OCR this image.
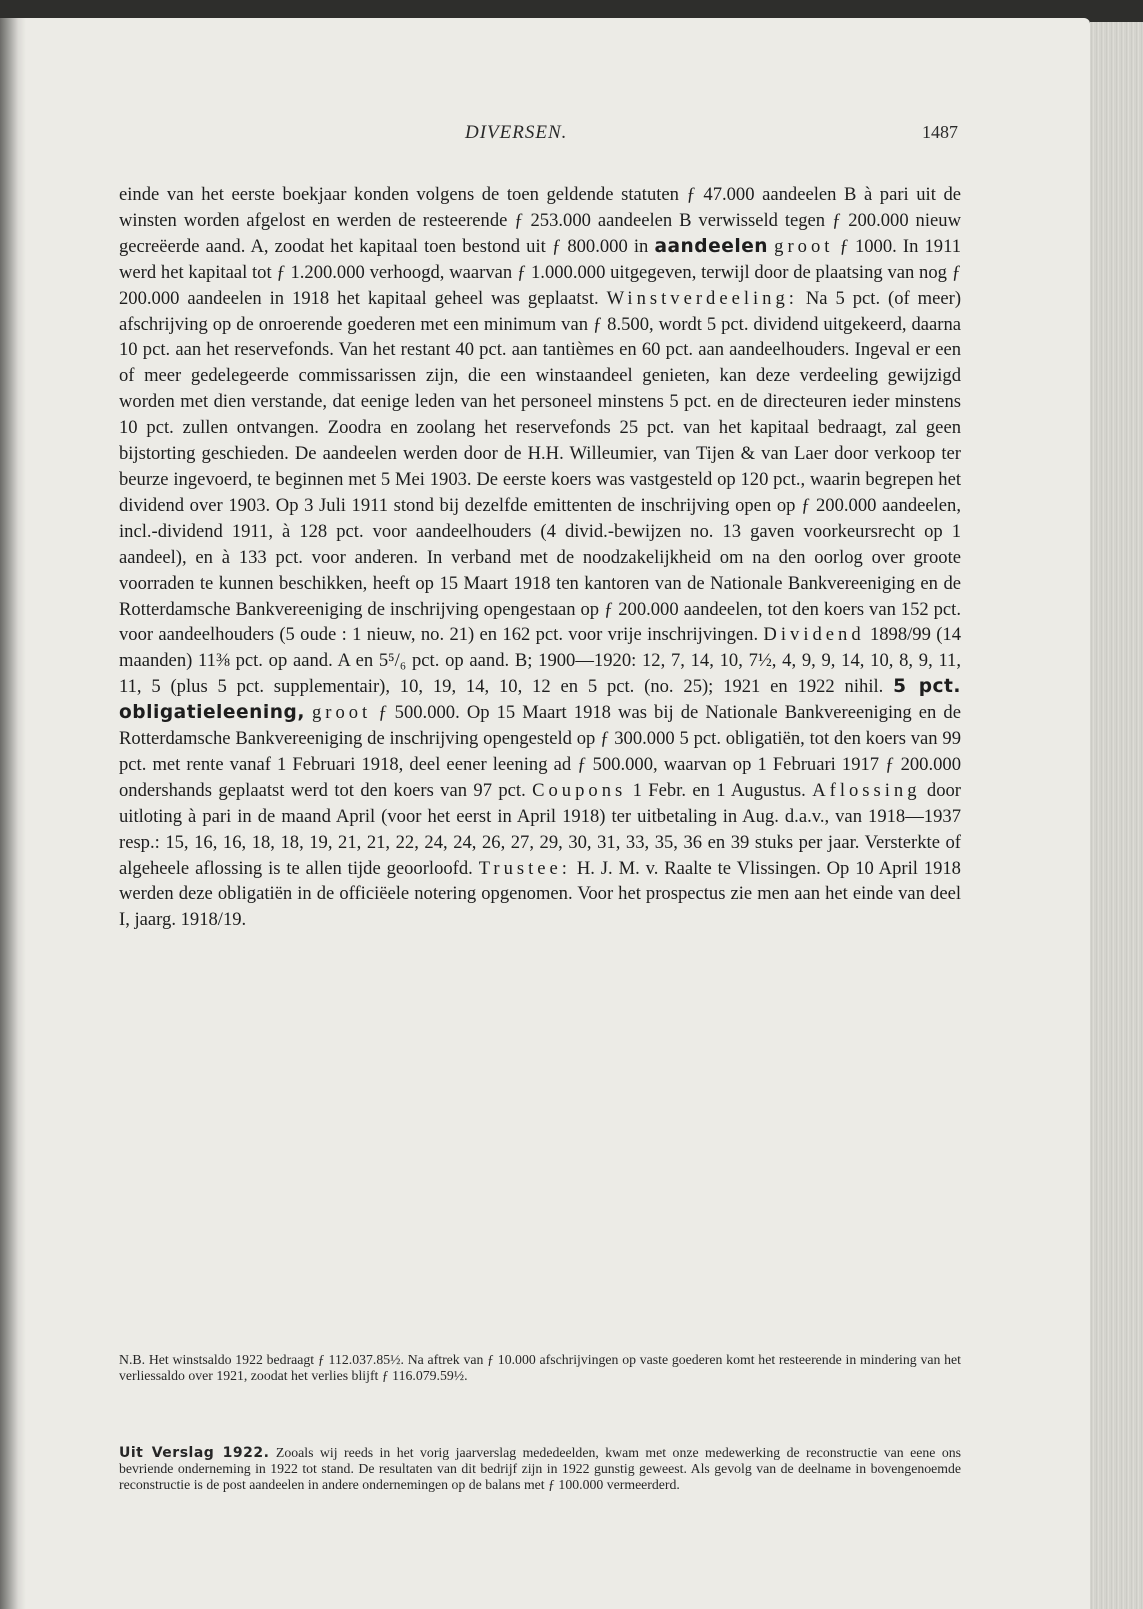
DIVERSEN.	1487

einde van het eerste boekjaar konden volgens de toen geldende statuten ƒ 47.000 aandeelen B à pari uit de winsten worden afgelost en werden de resteerende ƒ 253.000 aandeelen B verwisseld tegen ƒ 200.000 nieuw gecreëerde aand. A, zoodat het kapitaal toen bestond uit ƒ 800.000 in aandeelen groot ƒ 1000. In 1911 werd het kapitaal tot ƒ 1.200.000 verhoogd, waarvan ƒ 1.000.000 uitgegeven, terwijl door de plaatsing van nog ƒ 200.000 aandeelen in 1918 het kapitaal geheel was geplaatst. Winstverdeeling: Na 5 pct. (of meer) afschrijving op de onroerende goederen met een minimum van ƒ 8.500, wordt 5 pct. dividend uitgekeerd, daarna 10 pct. aan het reservefonds. Van het restant 40 pct. aan tantièmes en 60 pct. aan aandeelhouders. Ingeval er een of meer gedelegeerde commissarissen zijn, die een winstaandeel genieten, kan deze verdeeling gewijzigd worden met dien verstande, dat eenige leden van het personeel minstens 5 pct. en de directeuren ieder minstens 10 pct. zullen ontvangen. Zoodra en zoolang het reservefonds 25 pct. van het kapitaal bedraagt, zal geen bijstorting geschieden. De aandeelen werden door de H.H. Willeumier, van Tijen & van Laer door verkoop ter beurze ingevoerd, te beginnen met 5 Mei 1903. De eerste koers was vastgesteld op 120 pct., waarin begrepen het dividend over 1903. Op 3 Juli 1911 stond bij dezelfde emittenten de inschrijving open op ƒ 200.000 aandeelen, incl.-dividend 1911, à 128 pct. voor aandeelhouders (4 divid.-bewijzen no. 13 gaven voorkeursrecht op 1 aandeel), en à 133 pct. voor anderen. In verband met de noodzakelijkheid om na den oorlog over groote voorraden te kunnen beschikken, heeft op 15 Maart 1918 ten kantoren van de Nationale Bankvereeniging en de Rotterdamsche Bankvereeniging de inschrijving opengestaan op ƒ 200.000 aandeelen, tot den koers van 152 pct. voor aandeelhouders (5 oude : 1 nieuw, no. 21) en 162 pct. voor vrije inschrijvingen. Dividend 1898/99 (14 maanden) 11⅜ pct. op aand. A en 5⁵/₆ pct. op aand. B; 1900—1920: 12, 7, 14, 10, 7½, 4, 9, 9, 14, 10, 8, 9, 11, 11, 5 (plus 5 pct. supplementair), 10, 19, 14, 10, 12 en 5 pct. (no. 25); 1921 en 1922 nihil. 5 pct. obligatieleening, groot ƒ 500.000. Op 15 Maart 1918 was bij de Nationale Bankvereeniging en de Rotterdamsche Bankvereeniging de inschrijving opengesteld op ƒ 300.000 5 pct. obligatiën, tot den koers van 99 pct. met rente vanaf 1 Februari 1918, deel eener leening ad ƒ 500.000, waarvan op 1 Februari 1917 ƒ 200.000 ondershands geplaatst werd tot den koers van 97 pct. Coupons 1 Febr. en 1 Augustus. Aflossing door uitloting à pari in de maand April (voor het eerst in April 1918) ter uitbetaling in Aug. d.a.v., van 1918—1937 resp.: 15, 16, 16, 18, 18, 19, 21, 21, 22, 24, 24, 26, 27, 29, 30, 31, 33, 35, 36 en 39 stuks per jaar. Versterkte of algeheele aflossing is te allen tijde geoorloofd. Trustee: H. J. M. v. Raalte te Vlissingen. Op 10 April 1918 werden deze obligatiën in de officiëele notering opgenomen. Voor het prospectus zie men aan het einde van deel I, jaarg. 1918/19.

N.B. Het winstsaldo 1922 bedraagt ƒ 112.037.85½. Na aftrek van ƒ 10.000 afschrijvingen op vaste goederen komt het resteerende in mindering van het verliessaldo over 1921, zoodat het verlies blijft ƒ 116.079.59½.

Uit Verslag 1922. Zooals wij reeds in het vorig jaarverslag mededeelden, kwam met onze medewerking de reconstructie van eene ons bevriende onderneming in 1922 tot stand. De resultaten van dit bedrijf zijn in 1922 gunstig geweest. Als gevolg van de deelname in bovengenoemde reconstructie is de post aandeelen in andere ondernemingen op de balans met ƒ 100.000 vermeerderd.
